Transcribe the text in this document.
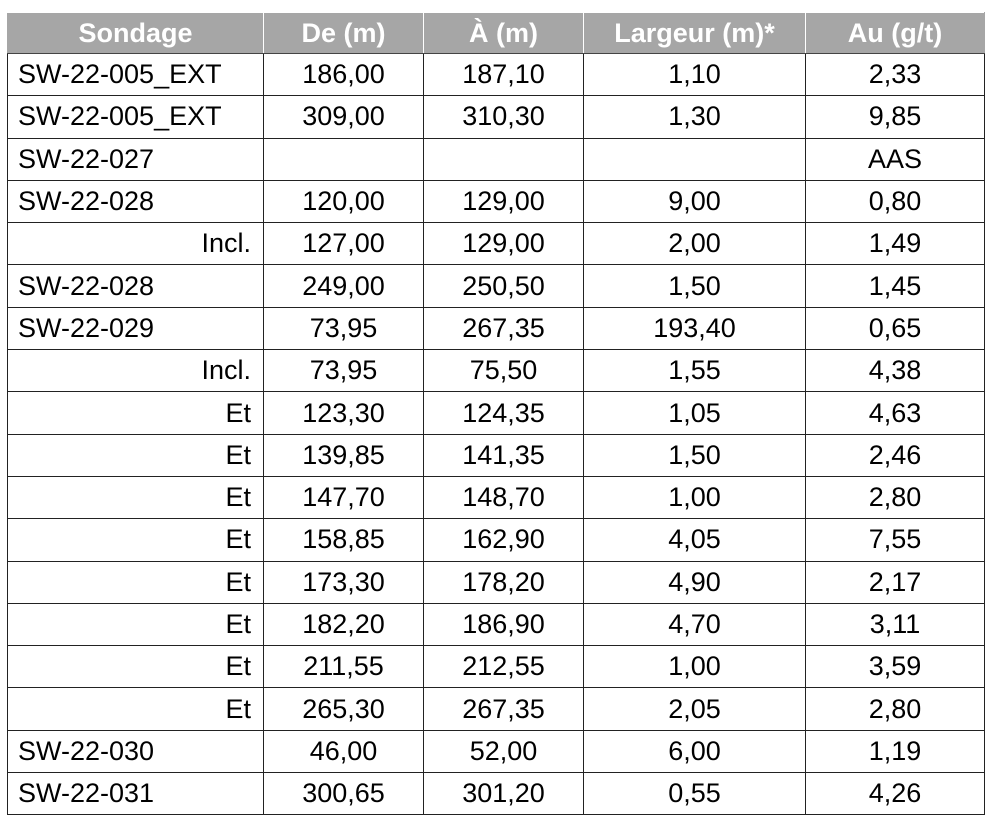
Sondage	De (m)	À (m)	Largeur (m)*	Au (g/t)
SW-22-005_EXT	186,00	187,10	1,10	2,33
SW-22-005_EXT	309,00	310,30	1,30	9,85
SW-22-027				AAS
SW-22-028	120,00	129,00	9,00	0,80
Incl.	127,00	129,00	2,00	1,49
SW-22-028	249,00	250,50	1,50	1,45
SW-22-029	73,95	267,35	193,40	0,65
Incl.	73,95	75,50	1,55	4,38
Et	123,30	124,35	1,05	4,63
Et	139,85	141,35	1,50	2,46
Et	147,70	148,70	1,00	2,80
Et	158,85	162,90	4,05	7,55
Et	173,30	178,20	4,90	2,17
Et	182,20	186,90	4,70	3,11
Et	211,55	212,55	1,00	3,59
Et	265,30	267,35	2,05	2,80
SW-22-030	46,00	52,00	6,00	1,19
SW-22-031	300,65	301,20	0,55	4,26
